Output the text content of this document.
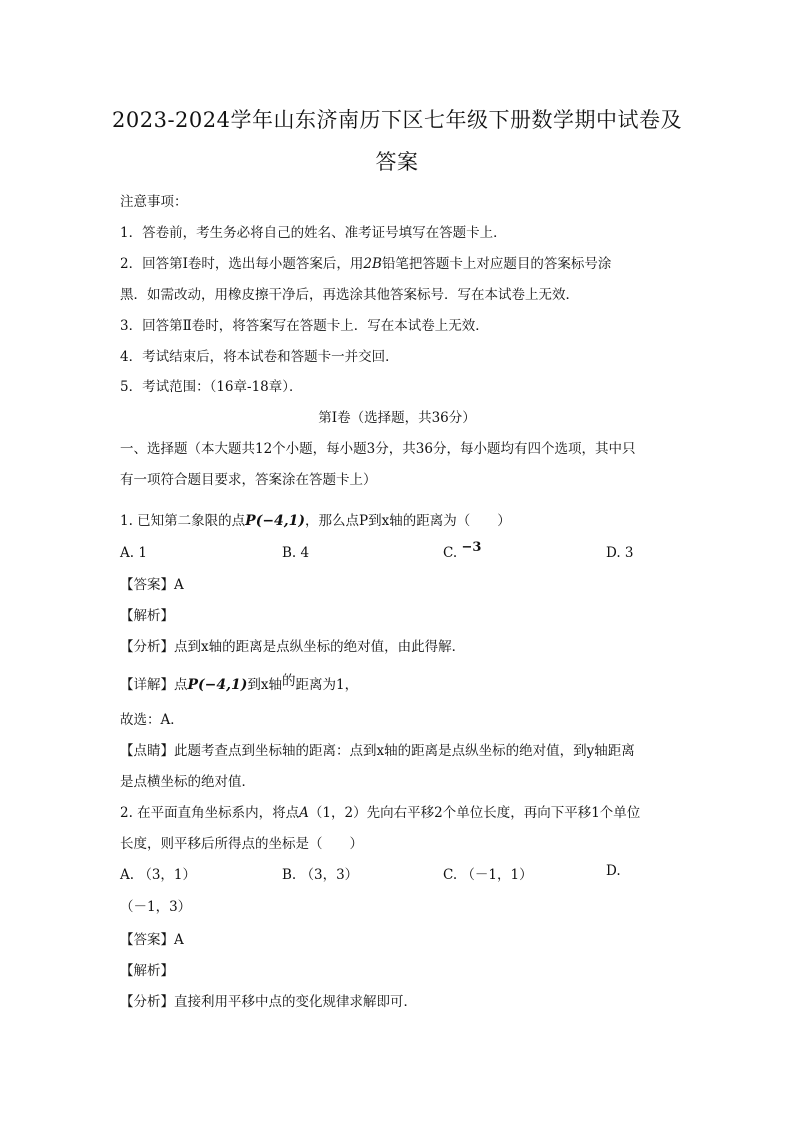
2023-2024学年山东济南历下区七年级下册数学期中试卷及
答案
注意事项：
1．答卷前，考生务必将自己的姓名、准考证号填写在答题卡上．
2．回答第Ⅰ卷时，选出每小题答案后，用2B铅笔把答题卡上对应题目的答案标号涂
黑．如需改动，用橡皮擦干净后，再选涂其他答案标号．写在本试卷上无效．
3．回答第Ⅱ卷时，将答案写在答题卡上．写在本试卷上无效．
4．考试结束后，将本试卷和答题卡一并交回．
5．考试范围：（16章-18章）．
第Ⅰ卷（选择题，共36分）
一、选择题（本大题共12个小题，每小题3分，共36分，每小题均有四个选项，其中只
有一项符合题目要求，答案涂在答题卡上）
1. 已知第二象限的点P(−4,1)，那么点P到x轴的距离为（　　）
A. 1	B. 4	C. −3	D. 3
【答案】A
【解析】
【分析】点到x轴的距离是点纵坐标的绝对值，由此得解．
【详解】点P(−4,1)到x轴的距离为1，
故选：A．
【点睛】此题考查点到坐标轴的距离：点到x轴的距离是点纵坐标的绝对值，到y轴距离
是点横坐标的绝对值．
2. 在平面直角坐标系内，将点A（1，2）先向右平移2个单位长度，再向下平移1个单位
长度，则平移后所得点的坐标是（　　）
A. （3，1）	B. （3，3）	C. （－1，1）	D.
（－1，3）
【答案】A
【解析】
【分析】直接利用平移中点的变化规律求解即可．
